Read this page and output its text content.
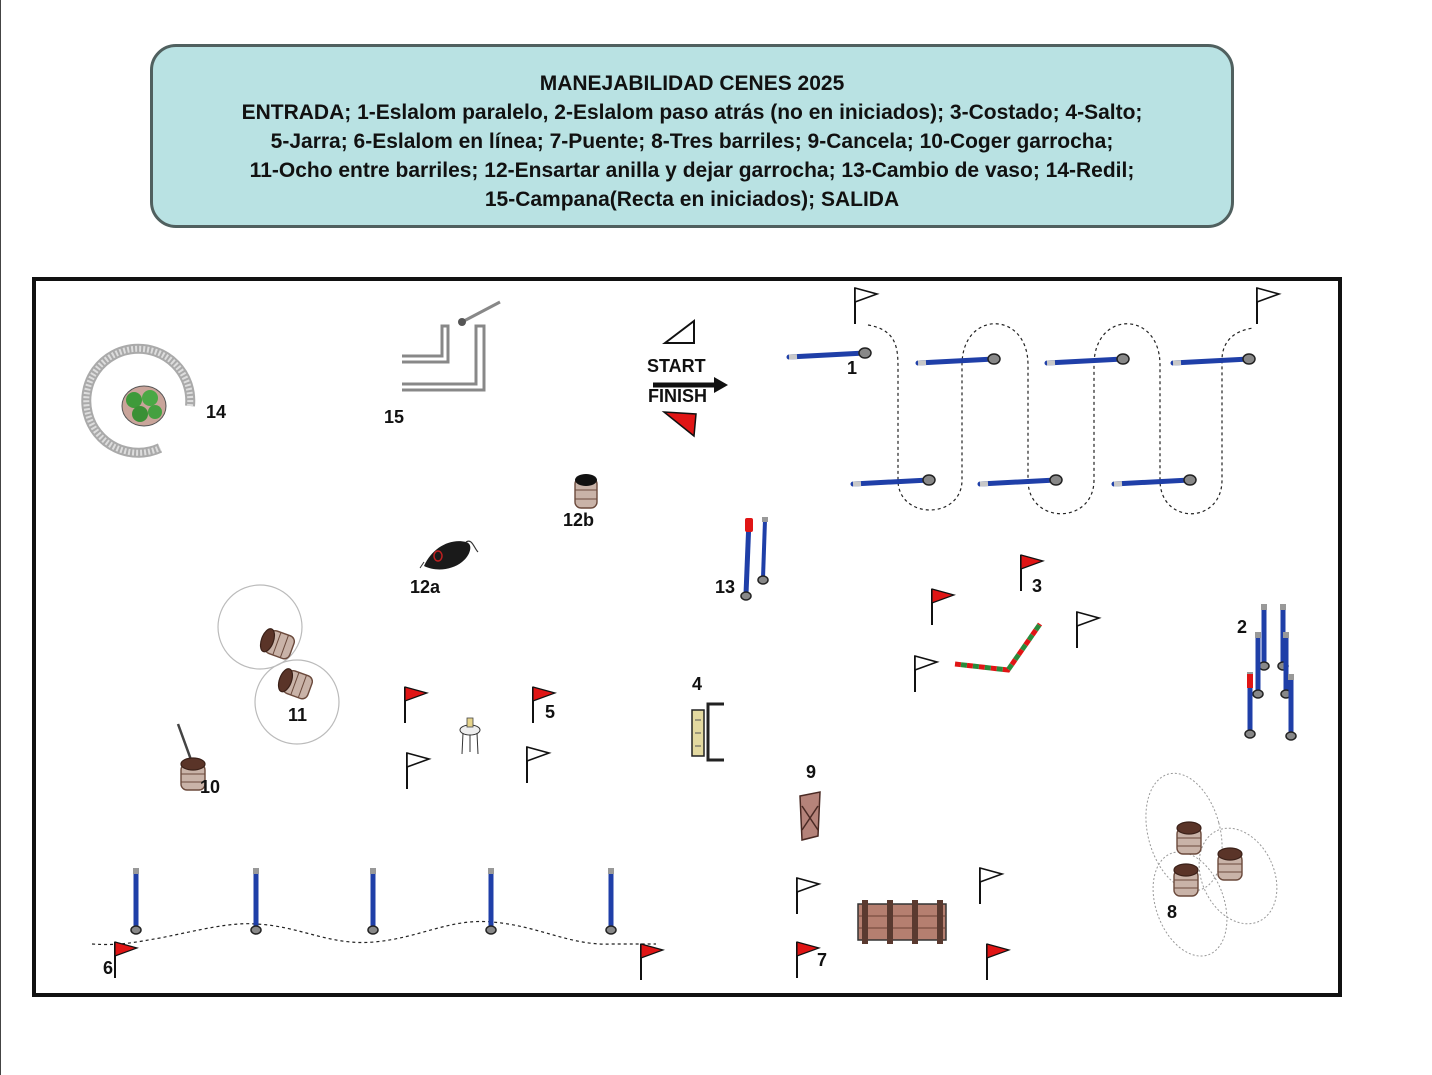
MANEJABILIDAD CENES 2025
ENTRADA; 1-Eslalom paralelo, 2-Eslalom paso atrás (no en iniciados); 3-Costado; 4-Salto;
5-Jarra; 6-Eslalom en línea; 7-Puente; 8-Tres barriles; 9-Cancela; 10-Coger garrocha;
11-Ocho entre barriles; 12-Ensartar anilla y dejar garrocha; 13-Cambio de vaso; 14-Redil;
15-Campana(Recta en iniciados); SALIDA
START
FINISH
1
2
3
4
5
6	7
8
9
10
11
12a
12b
13
14	15
